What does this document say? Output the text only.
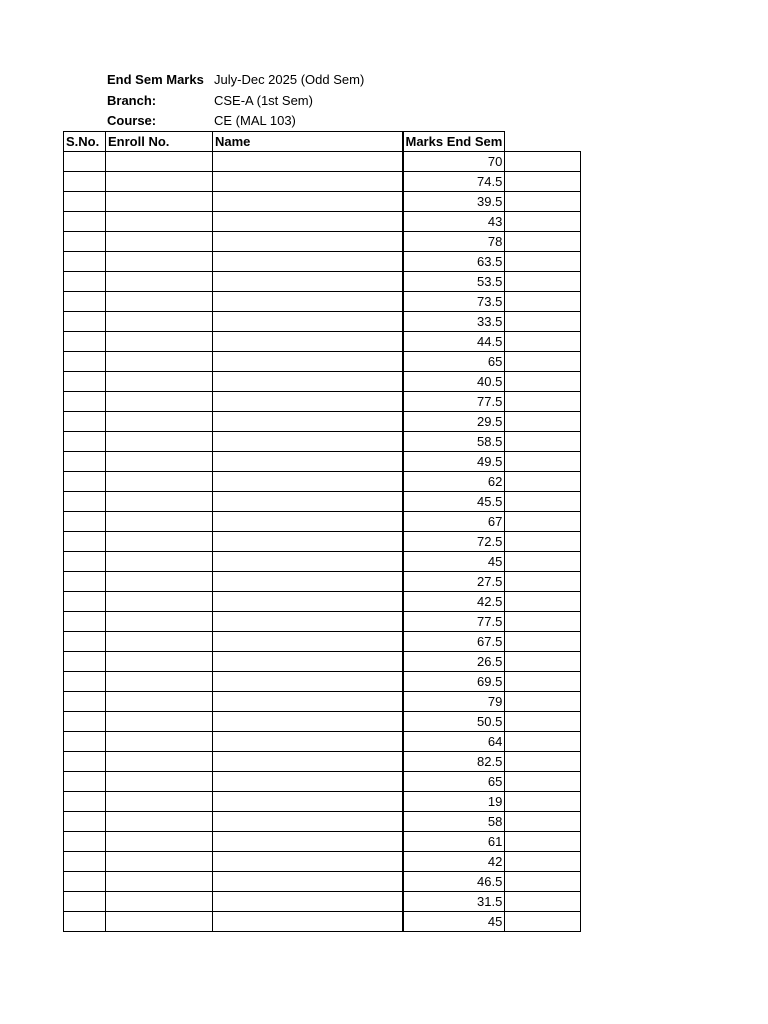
End Sem Marks July-Dec 2025 (Odd Sem)
Branch:	CSE-A (1st Sem)
Course:	CE (MAL 103)
S.No.	Enroll No.	Name	Marks End Sem	
			70	
			74.5	
			39.5	
			43	
			78	
			63.5	
			53.5	
			73.5	
			33.5	
			44.5	
			65	
			40.5	
			77.5	
			29.5	
			58.5	
			49.5	
			62	
			45.5	
			67	
			72.5	
			45	
			27.5	
			42.5	
			77.5	
			67.5	
			26.5	
			69.5	
			79	
			50.5	
			64	
			82.5	
			65	
			19	
			58	
			61	
			42	
			46.5	
			31.5	
			45	
